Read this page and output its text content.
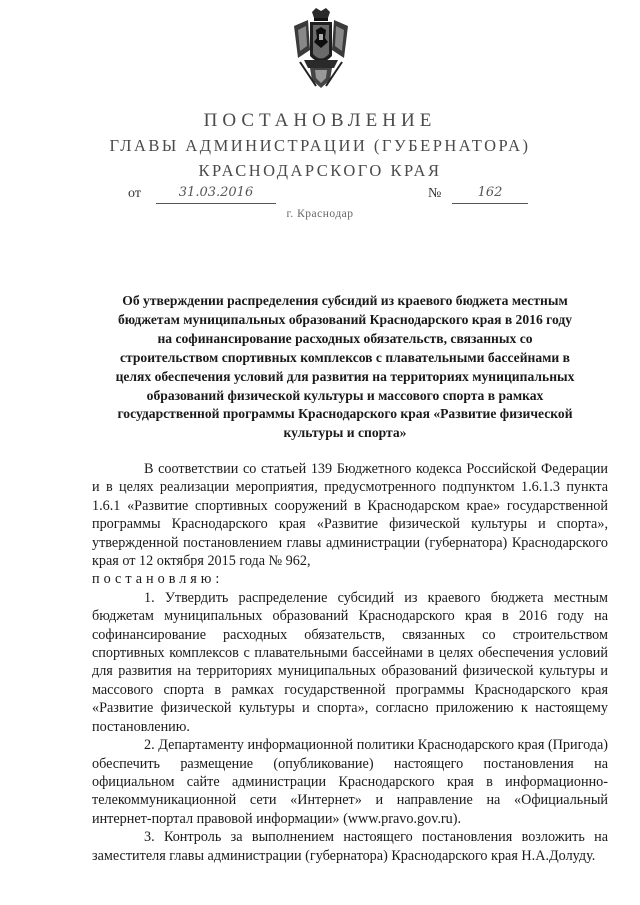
ПОСТАНОВЛЕНИЕ

ГЛАВЫ АДМИНИСТРАЦИИ (ГУБЕРНАТОРА)

КРАСНОДАРСКОГО КРАЯ

от	31.03.2016	№	162
г. Краснодар

Об утверждении распределения субсидий из краевого бюджета местным бюджетам муниципальных образований Краснодарского края в 2016 году на софинансирование расходных обязательств, связанных со строительством спортивных комплексов с плавательными бассейнами в целях обеспечения условий для развития на территориях муниципальных образований физической культуры и массового спорта в рамках государственной программы Краснодарского края «Развитие физической культуры и спорта»

В соответствии со статьей 139 Бюджетного кодекса Российской Федерации и в целях реализации мероприятия, предусмотренного подпунктом 1.6.1.3 пункта 1.6.1 «Развитие спортивных сооружений в Краснодарском крае» государственной программы Краснодарского края «Развитие физической культуры и спорта», утвержденной постановлением главы администрации (губернатора) Краснодарского края от 12 октября 2015 года № 962,
постановляю:

1. Утвердить распределение субсидий из краевого бюджета местным бюджетам муниципальных образований Краснодарского края в 2016 году на софинансирование расходных обязательств, связанных со строительством спортивных комплексов с плавательными бассейнами в целях обеспечения условий для развития на территориях муниципальных образований физической культуры и массового спорта в рамках государственной программы Краснодарского края «Развитие физической культуры и спорта», согласно приложению к настоящему постановлению.

2. Департаменту информационной политики Краснодарского края (Пригода) обеспечить размещение (опубликование) настоящего постановления на официальном сайте администрации Краснодарского края в информационно-телекоммуникационной сети «Интернет» и направление на «Официальный интернет-портал правовой информации» (www.pravo.gov.ru).

3. Контроль за выполнением настоящего постановления возложить на заместителя главы администрации (губернатора) Краснодарского края Н.А.Долуду.
